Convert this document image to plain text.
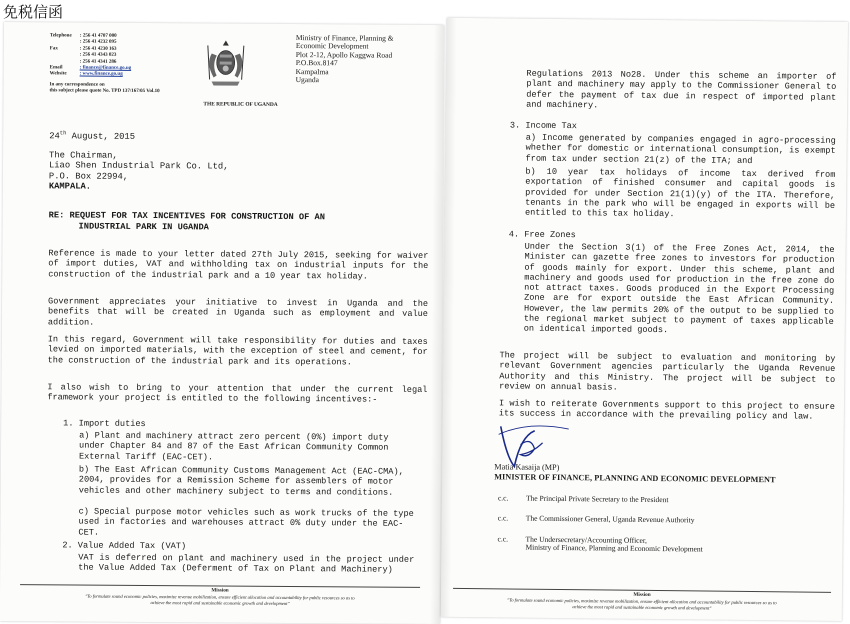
免税信函
Telephone	: 256 41 4707 000
: 256 41 4232 095
Fax	: 256 41 4230 163
: 256 41 4343 023
: 256 41 4341 286
Email	: finance@finance.go.ug
Website	: www.finance.go.ug
In any correspondence on
this subject please quote No. TPD 137/167/05 Vol.10
THE REPUBLIC OF UGANDA
Ministry of Finance, Planning &
Economic Development
Plot 2-12, Apollo Kaggwa Road
P.O.Box.8147
Kampalma
Uganda
24th August, 2015
The Chairman,
Liao Shen Industrial Park Co. Ltd,
P.O. Box 22994,
KAMPALA.
RE: REQUEST FOR TAX INCENTIVES FOR CONSTRUCTION OF AN
INDUSTRIAL PARK IN UGANDA
Reference is made to your letter dated 27th July 2015, seeking for waiver of import duties, VAT and withholding tax on industrial inputs for the construction of the industrial park and a 10 year tax holiday.
Government appreciates your initiative to invest in Uganda and the benefits that will be created in Uganda such as employment and value addition.
In this regard, Government will take responsibility for duties and taxes levied on imported materials, with the exception of steel and cement, for the construction of the industrial park and its operations.
I also wish to bring to your attention that under the current legal framework your project is entitled to the following incentives:-
1. Import duties
a) Plant and machinery attract zero percent (0%) import duty under Chapter 84 and 87 of the East African Community Common External Tariff (EAC-CET).
b) The East African Community Customs Management Act (EAC-CMA), 2004, provides for a Remission Scheme for assemblers of motor vehicles and other machinery subject to terms and conditions.
c) Special purpose motor vehicles such as work trucks of the type used in factories and warehouses attract 0% duty under the EAC-CET.
2. Value Added Tax (VAT)
VAT is deferred on plant and machinery used in the project under the Value Added Tax (Deferment of Tax on Plant and Machinery)
Mission
"To formulate sound economic policies, maximize revenue mobilization, ensure efficient allocation and accountability for public resources so as to
achieve the most rapid and sustainable economic growth and development"
Regulations 2013 No28. Under this scheme an importer of plant and machinery may apply to the Commissioner General to defer the payment of tax due in respect of imported plant and machinery.
3. Income Tax
a) Income generated by companies engaged in agro-processing whether for domestic or international consumption, is exempt from tax under section 21(z) of the ITA; and
b) 10 year tax holidays of income tax derived from exportation of finished consumer and capital goods is provided for under Section 21(1)(y) of the ITA. Therefore, tenants in the park who will be engaged in exports will be entitled to this tax holiday.
4. Free Zones
Under the Section 3(1) of the Free Zones Act, 2014, the Minister can gazette free zones to investors for production of goods mainly for export. Under this scheme, plant and machinery and goods used for production in the free zone do not attract taxes. Goods produced in the Export Processing Zone are for export outside the East African Community. However, the law permits 20% of the output to be supplied to the regional market subject to payment of taxes applicable on identical imported goods.
The project will be subject to evaluation and monitoring by relevant Government agencies particularly the Uganda Revenue Authority and this Ministry. The project will be subject to review on annual basis.
I wish to reiterate Governments support to this project to ensure its success in accordance with the prevailing policy and law.
Matia Kasaija (MP)
MINISTER OF FINANCE, PLANNING AND ECONOMIC DEVELOPMENT
c.c.	The Principal Private Secretary to the President
c.c.	The Commissioner General, Uganda Revenue Authority
c.c.	The Undersecretary/Accounting Officer,
Ministry of Finance, Planning and Economic Development
Mission
"To formulate sound economic policies, maximize revenue mobilization, ensure efficient allocation and accountability for public resources so as to
achieve the most rapid and sustainable economic growth and development"
